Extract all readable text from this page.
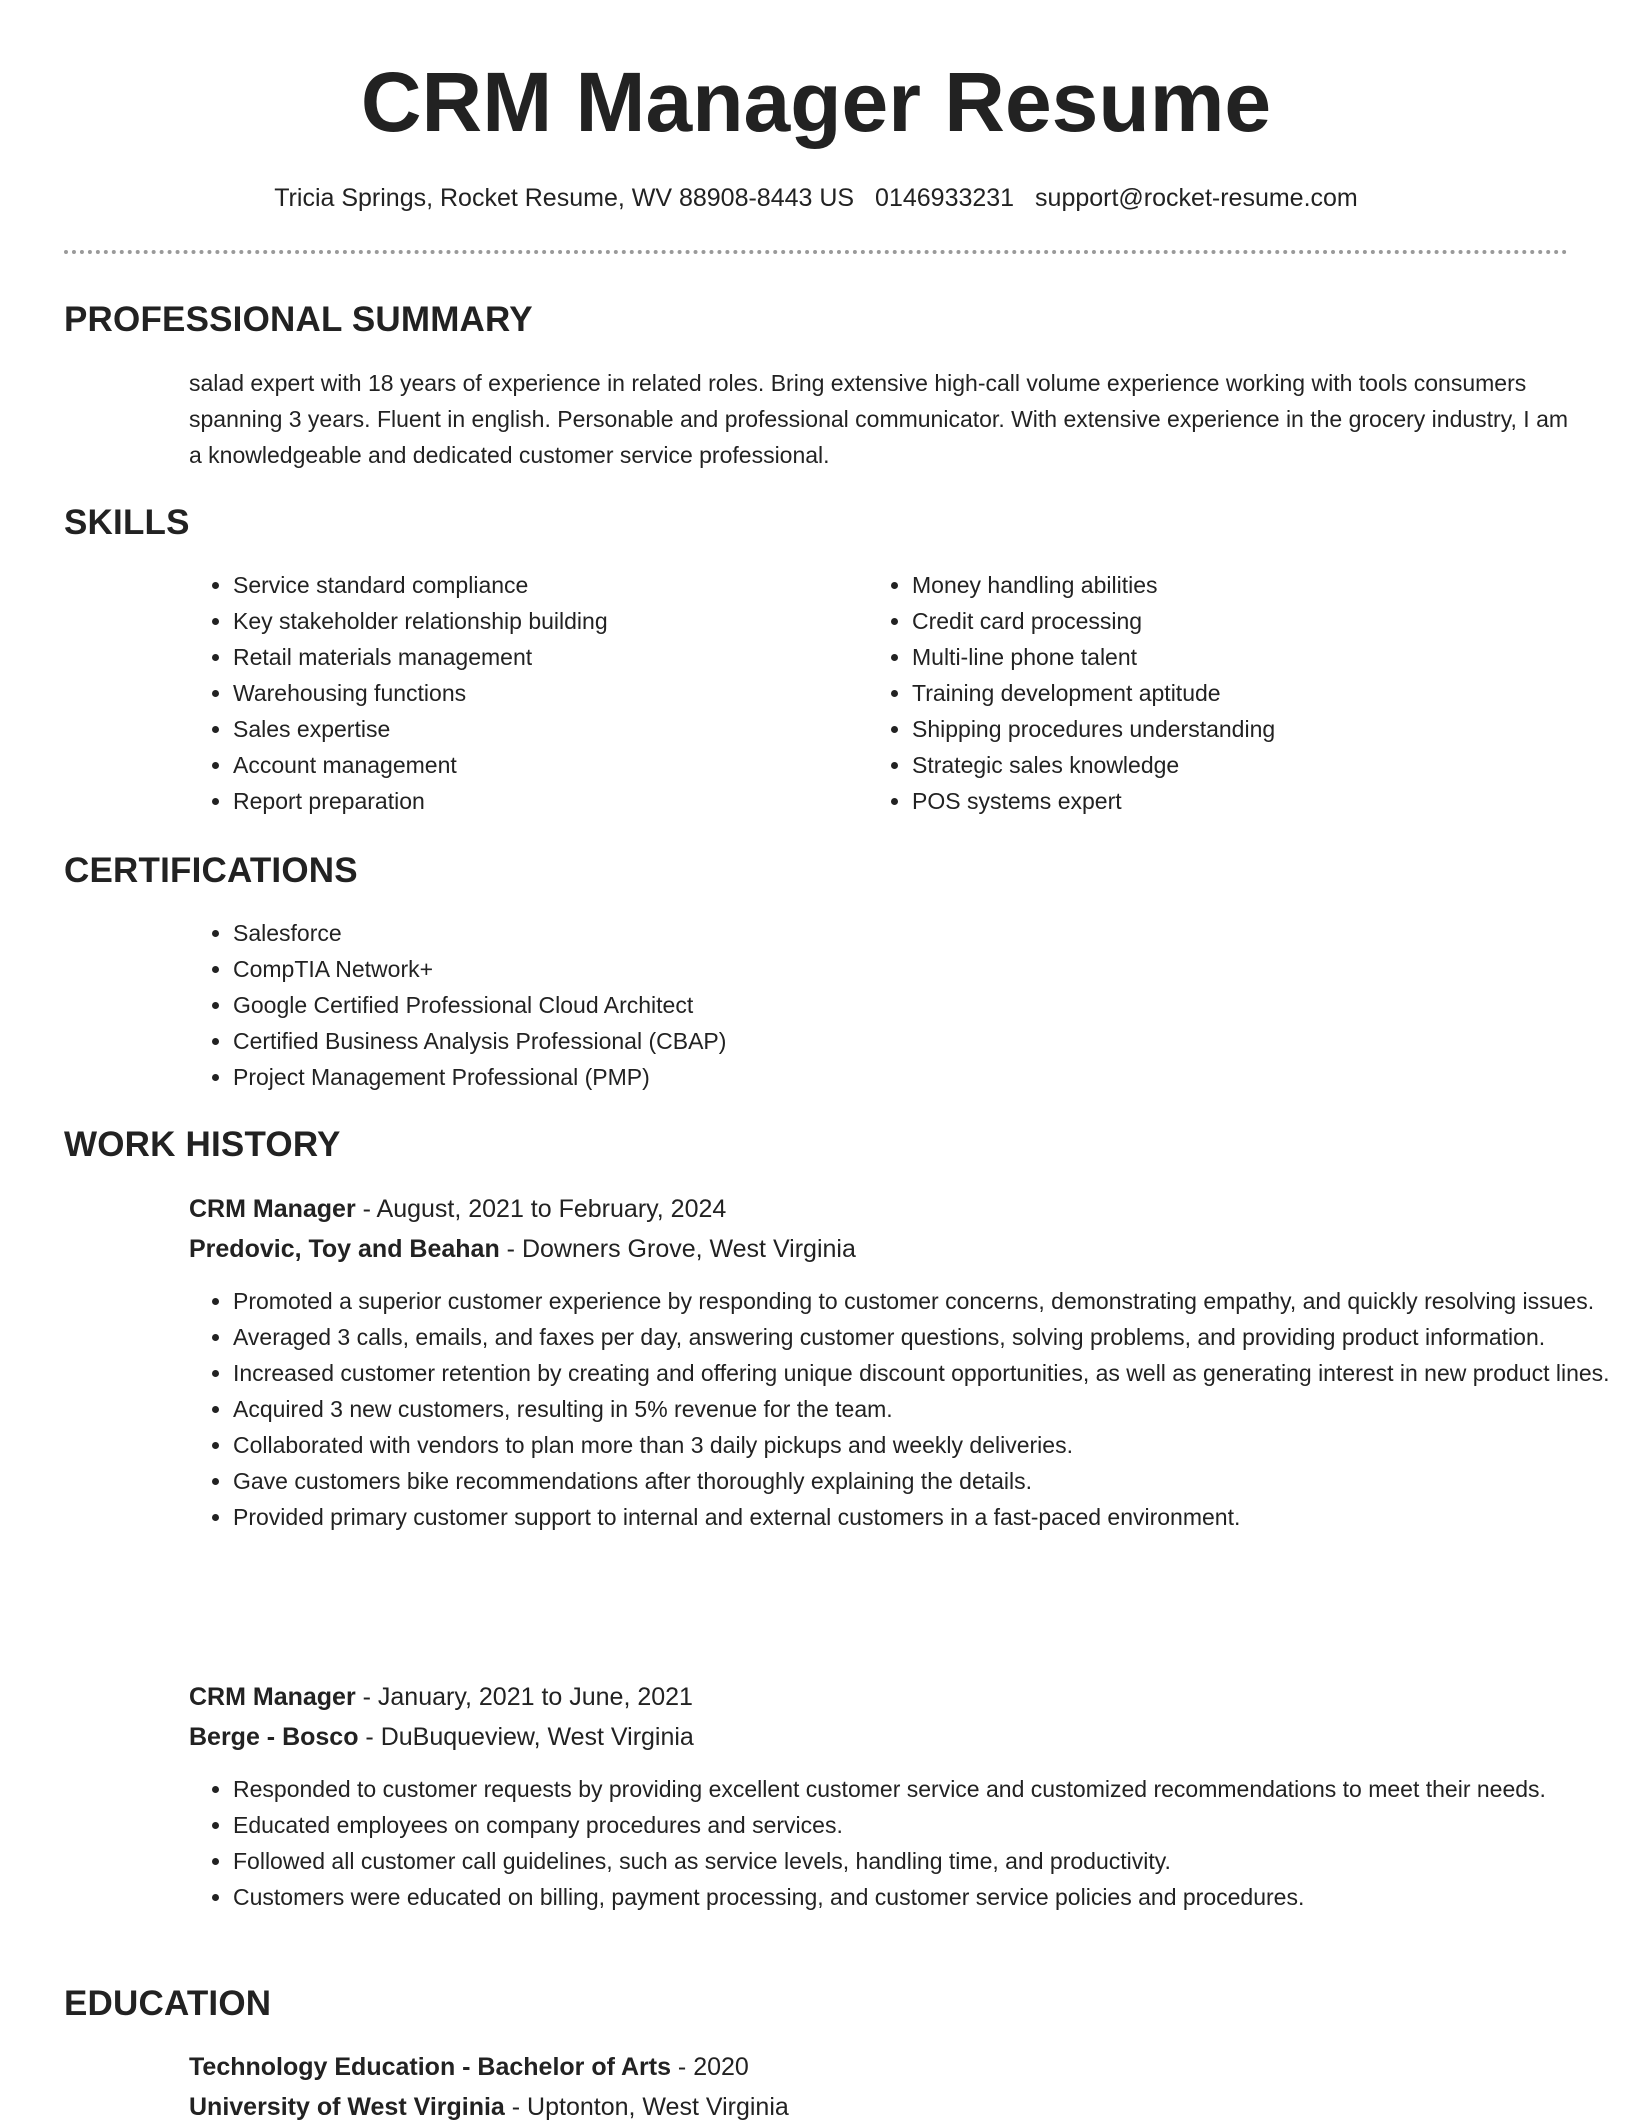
CRM Manager Resume
Tricia Springs, Rocket Resume, WV 88908-8443 US 0146933231 support@rocket-resume.com
PROFESSIONAL SUMMARY
salad expert with 18 years of experience in related roles. Bring extensive high-call volume experience working with tools consumers spanning 3 years. Fluent in english. Personable and professional communicator. With extensive experience in the grocery industry, I am a knowledgeable and dedicated customer service professional.
SKILLS
• Service standard compliance
• Key stakeholder relationship building
• Retail materials management
• Warehousing functions
• Sales expertise
• Account management
• Report preparation
• Money handling abilities
• Credit card processing
• Multi-line phone talent
• Training development aptitude
• Shipping procedures understanding
• Strategic sales knowledge
• POS systems expert
CERTIFICATIONS
• Salesforce
• CompTIA Network+
• Google Certified Professional Cloud Architect
• Certified Business Analysis Professional (CBAP)
• Project Management Professional (PMP)
WORK HISTORY
CRM Manager - August, 2021 to February, 2024
Predovic, Toy and Beahan - Downers Grove, West Virginia
• Promoted a superior customer experience by responding to customer concerns, demonstrating empathy, and quickly resolving issues.
• Averaged 3 calls, emails, and faxes per day, answering customer questions, solving problems, and providing product information.
• Increased customer retention by creating and offering unique discount opportunities, as well as generating interest in new product lines.
• Acquired 3 new customers, resulting in 5% revenue for the team.
• Collaborated with vendors to plan more than 3 daily pickups and weekly deliveries.
• Gave customers bike recommendations after thoroughly explaining the details.
• Provided primary customer support to internal and external customers in a fast-paced environment.
CRM Manager - January, 2021 to June, 2021
Berge - Bosco - DuBuqueview, West Virginia
• Responded to customer requests by providing excellent customer service and customized recommendations to meet their needs.
• Educated employees on company procedures and services.
• Followed all customer call guidelines, such as service levels, handling time, and productivity.
• Customers were educated on billing, payment processing, and customer service policies and procedures.
EDUCATION
Technology Education - Bachelor of Arts - 2020
University of West Virginia - Uptonton, West Virginia
